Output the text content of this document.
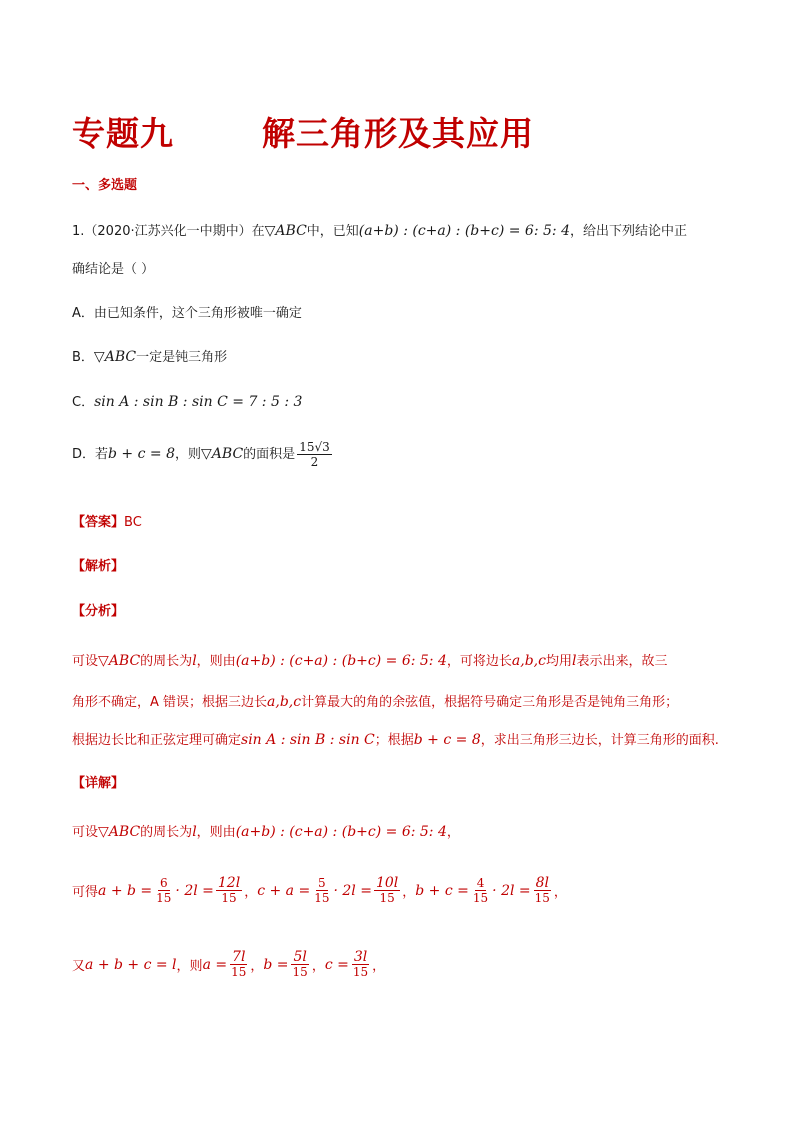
专题九	解三角形及其应用
一、多选题
1.（2020·江苏兴化一中期中）在▽ABC中，已知(a+b) : (c+a) : (b+c) = 6: 5: 4，给出下列结论中正
确结论是（ ）
A．由已知条件，这个三角形被唯一确定
B．▽ABC一定是钝三角形
C．sin A : sin B : sin C = 7 : 5 : 3
D．若b + c = 8，则▽ABC的面积是 $\frac{15√3}{2}$
【答案】BC
【解析】
【分析】
可设▽ABC的周长为l，则由(a+b) : (c+a) : (b+c) = 6: 5: 4，可将边长a,b,c均用l表示出来，故三
角形不确定，A 错误；根据三边长a,b,c计算最大的角的余弦值，根据符号确定三角形是否是钝角三角形；
根据边长比和正弦定理可确定sin A : sin B : sin C；根据b + c = 8，求出三角形三边长，计算三角形的面积.
【详解】
可设▽ABC的周长为l，则由(a+b) : (c+a) : (b+c) = 6: 5: 4，
可得 $a + b = \frac{6}{15} \cdot 2l = \frac{12l}{15}$ ， $c + a = \frac{5}{15} \cdot 2l = \frac{10l}{15}$ ， $b + c = \frac{4}{15} \cdot 2l = \frac{8l}{15}$ ，
又 a + b + c = l ，则 $a = \frac{7l}{15}$ ， $b = \frac{5l}{15}$ ， $c = \frac{3l}{15}$ ，
